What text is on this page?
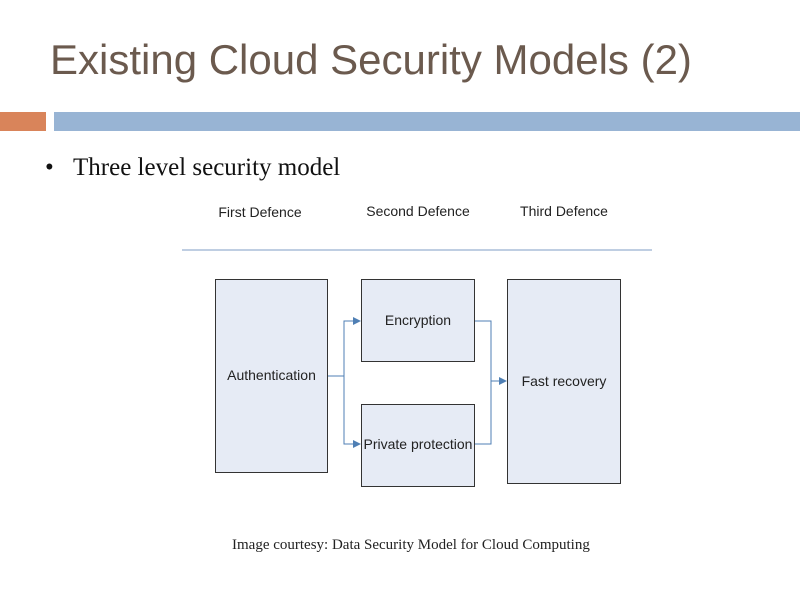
Existing Cloud Security Models (2)
• Three level security model
First Defence	Second Defence	Third Defence
Authentication
Encryption
Private protection
Fast recovery
Image courtesy: Data Security Model for Cloud Computing
